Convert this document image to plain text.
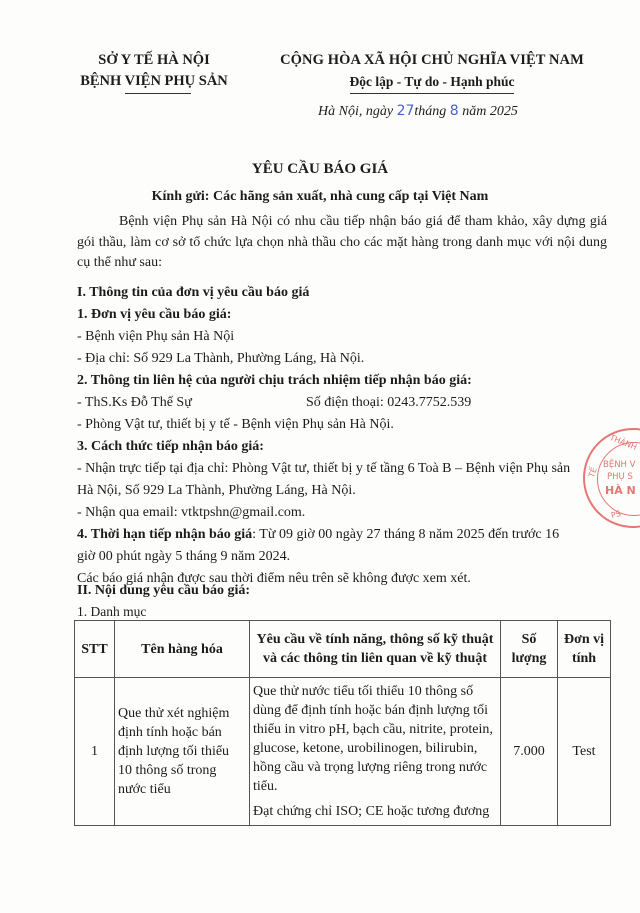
SỞ Y TẾ HÀ NỘI
BỆNH VIỆN PHỤ SẢN
CỘNG HÒA XÃ HỘI CHỦ NGHĨA VIỆT NAM
Độc lập - Tự do - Hạnh phúc
Hà Nội, ngày 27tháng 8 năm 2025
YÊU CẦU BÁO GIÁ
Kính gửi: Các hãng sản xuất, nhà cung cấp tại Việt Nam
Bệnh viện Phụ sản Hà Nội có nhu cầu tiếp nhận báo giá để tham khảo, xây dựng giá gói thầu, làm cơ sở tổ chức lựa chọn nhà thầu cho các mặt hàng trong danh mục với nội dung cụ thể như sau:
I. Thông tin của đơn vị yêu cầu báo giá
1. Đơn vị yêu cầu báo giá:
- Bệnh viện Phụ sản Hà Nội
- Địa chỉ: Số 929 La Thành, Phường Láng, Hà Nội.
2. Thông tin liên hệ của người chịu trách nhiệm tiếp nhận báo giá:
- ThS.Ks Đỗ Thế Sự	Số điện thoại: 0243.7752.539
- Phòng Vật tư, thiết bị y tế - Bệnh viện Phụ sản Hà Nội.
3. Cách thức tiếp nhận báo giá:
- Nhận trực tiếp tại địa chỉ: Phòng Vật tư, thiết bị y tế tầng 6 Toà B – Bệnh viện Phụ sản
Hà Nội, Số 929 La Thành, Phường Láng, Hà Nội.
- Nhận qua email: vtktpshn@gmail.com.
4. Thời hạn tiếp nhận báo giá: Từ 09 giờ 00 ngày 27 tháng 8 năm 2025 đến trước 16
giờ 00 phút ngày 5 tháng 9 năm 2024.
Các báo giá nhận được sau thời điểm nêu trên sẽ không được xem xét.
II. Nội dung yêu cầu báo giá:
1. Danh mục
STT	Tên hàng hóa	Yêu cầu về tính năng, thông số kỹ thuật và các thông tin liên quan về kỹ thuật	Số lượng	Đơn vị tính
1	Que thử xét nghiệm định tính hoặc bán định lượng tối thiểu 10 thông số trong nước tiểu	Que thử nước tiểu tối thiểu 10 thông số dùng để định tính hoặc bán định lượng tối thiểu in vitro pH, bạch cầu, nitrite, protein, glucose, ketone, urobilinogen, bilirubin, hồng cầu và trọng lượng riêng trong nước tiểu.

Đạt chứng chỉ ISO; CE hoặc tương đương	7.000	Test
THÀNH
TẾ
BỆNH V
PHỤ S
HÀ N
PS
